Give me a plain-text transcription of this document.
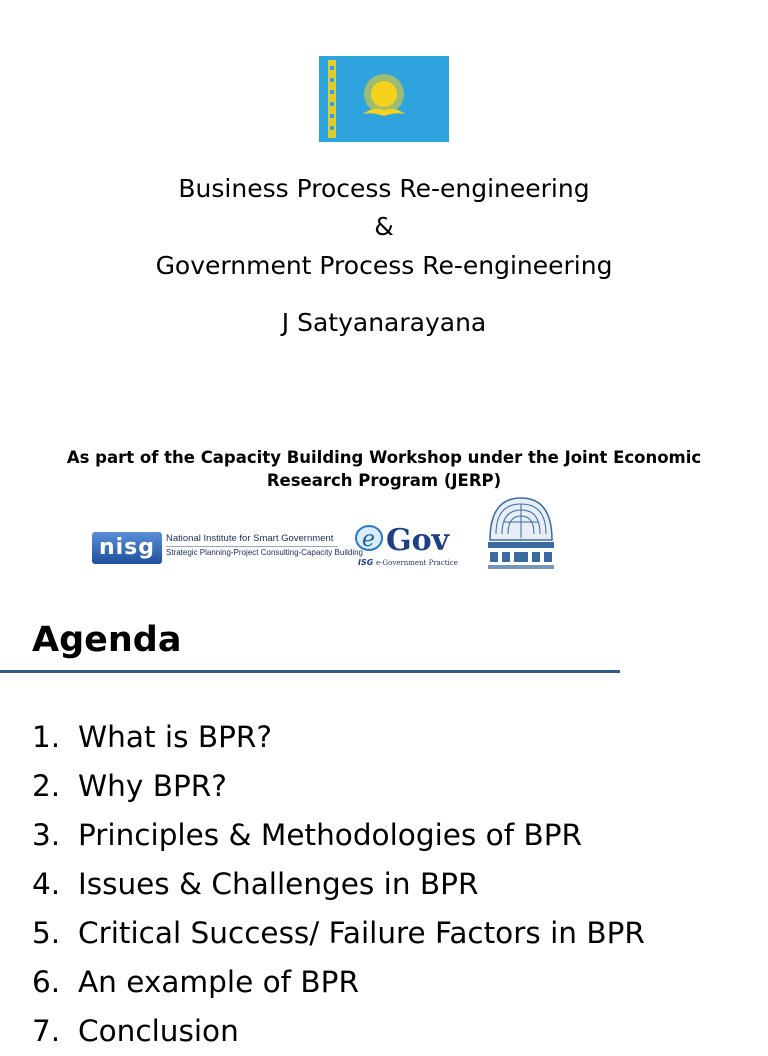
Business Process Re-engineering
&
Government Process Re-engineering
J Satyanarayana
As part of the Capacity Building Workshop under the Joint Economic
Research Program (JERP)
nisg	National Institute for Smart Government
Strategic Planning-Project Consulting-Capacity Building
e Gov
ISG e-Government Practice
Agenda
1. What is BPR?
2. Why BPR?
3. Principles & Methodologies of BPR
4. Issues & Challenges in BPR
5. Critical Success/ Failure Factors in BPR
6. An example of BPR
7. Conclusion
